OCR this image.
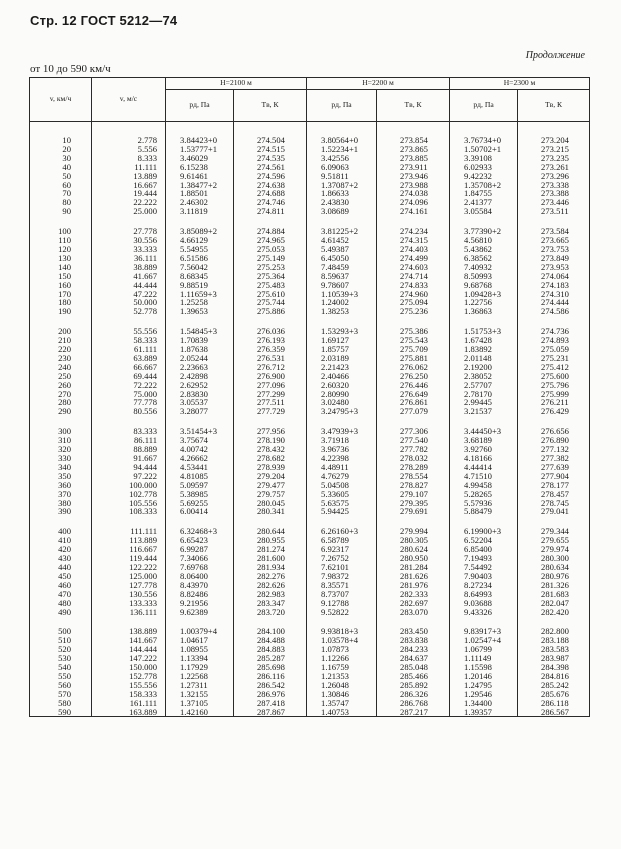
Стр. 12 ГОСТ 5212—74
Продолжение
от 10 до 590 км/ч
v, км/ч	v, м/с	H=2100 м		H=2200 м		H=2300 м	
		pд, Па	Tв, К	pд, Па	Tв, К	pд, Па	Tв, К
10	2.778	3.84423+0	274.504	3.80564+0	273.854	3.76734+0	273.204
20	5.556	1.53777+1	274.515	1.52234+1	273.865	1.50702+1	273.215
30	8.333	3.46029	274.535	3.42556	273.885	3.39108	273.235
40	11.111	6.15238	274.561	6.09063	273.911	6.02933	273.261
50	13.889	9.61461	274.596	9.51811	273.946	9.42232	273.296
60	16.667	1.38477+2	274.638	1.37087+2	273.988	1.35708+2	273.338
70	19.444	1.88501	274.688	1.86633	274.038	1.84755	273.388
80	22.222	2.46302	274.746	2.43830	274.096	2.41377	273.446
90	25.000	3.11819	274.811	3.08689	274.161	3.05584	273.511

100	27.778	3.85089+2	274.884	3.81225+2	274.234	3.77390+2	273.584
110	30.556	4.66129	274.965	4.61452	274.315	4.56810	273.665
120	33.333	5.54955	275.053	5.49387	274.403	5.43862	273.753
130	36.111	6.51586	275.149	6.45050	274.499	6.38562	273.849
140	38.889	7.56042	275.253	7.48459	274.603	7.40932	273.953
150	41.667	8.68345	275.364	8.59637	274.714	8.50993	274.064
160	44.444	9.88519	275.483	9.78607	274.833	9.68768	274.183
170	47.222	1.11659+3	275.610	1.10539+3	274.960	1.09428+3	274.310
180	50.000	1.25258	275.744	1.24002	275.094	1.22756	274.444
190	52.778	1.39653	275.886	1.38253	275.236	1.36863	274.586

200	55.556	1.54845+3	276.036	1.53293+3	275.386	1.51753+3	274.736
210	58.333	1.70839	276.193	1.69127	275.543	1.67428	274.893
220	61.111	1.87638	276.359	1.85757	275.709	1.83892	275.059
230	63.889	2.05244	276.531	2.03189	275.881	2.01148	275.231
240	66.667	2.23663	276.712	2.21423	276.062	2.19200	275.412
250	69.444	2.42898	276.900	2.40466	276.250	2.38052	275.600
260	72.222	2.62952	277.096	2.60320	276.446	2.57707	275.796
270	75.000	2.83830	277.299	2.80990	276.649	2.78170	275.999
280	77.778	3.05537	277.511	3.02480	276.861	2.99445	276.211
290	80.556	3.28077	277.729	3.24795+3	277.079	3.21537	276.429

300	83.333	3.51454+3	277.956	3.47939+3	277.306	3.44450+3	276.656
310	86.111	3.75674	278.190	3.71918	277.540	3.68189	276.890
320	88.889	4.00742	278.432	3.96736	277.782	3.92760	277.132
330	91.667	4.26662	278.682	4.22398	278.032	4.18166	277.382
340	94.444	4.53441	278.939	4.48911	278.289	4.44414	277.639
350	97.222	4.81085	279.204	4.76279	278.554	4.71510	277.904
360	100.000	5.09597	279.477	5.04508	278.827	4.99458	278.177
370	102.778	5.38985	279.757	5.33605	279.107	5.28265	278.457
380	105.556	5.69255	280.045	5.63575	279.395	5.57936	278.745
390	108.333	6.00414	280.341	5.94425	279.691	5.88479	279.041

400	111.111	6.32468+3	280.644	6.26160+3	279.994	6.19900+3	279.344
410	113.889	6.65423	280.955	6.58789	280.305	6.52204	279.655
420	116.667	6.99287	281.274	6.92317	280.624	6.85400	279.974
430	119.444	7.34066	281.600	7.26752	280.950	7.19493	280.300
440	122.222	7.69768	281.934	7.62101	281.284	7.54492	280.634
450	125.000	8.06400	282.276	7.98372	281.626	7.90403	280.976
460	127.778	8.43970	282.626	8.35571	281.976	8.27234	281.326
470	130.556	8.82486	282.983	8.73707	282.333	8.64993	281.683
480	133.333	9.21956	283.347	9.12788	282.697	9.03688	282.047
490	136.111	9.62389	283.720	9.52822	283.070	9.43326	282.420

500	138.889	1.00379+4	284.100	9.93818+3	283.450	9.83917+3	282.800
510	141.667	1.04617	284.488	1.03578+4	283.838	1.02547+4	283.188
520	144.444	1.08955	284.883	1.07873	284.233	1.06799	283.583
530	147.222	1.13394	285.287	1.12266	284.637	1.11149	283.987
540	150.000	1.17929	285.698	1.16759	285.048	1.15598	284.398
550	152.778	1.22568	286.116	1.21353	285.466	1.20146	284.816
560	155.556	1.27311	286.542	1.26048	285.892	1.24795	285.242
570	158.333	1.32155	286.976	1.30846	286.326	1.29546	285.676
580	161.111	1.37105	287.418	1.35747	286.768	1.34400	286.118
590	163.889	1.42160	287.867	1.40753	287.217	1.39357	286.567
